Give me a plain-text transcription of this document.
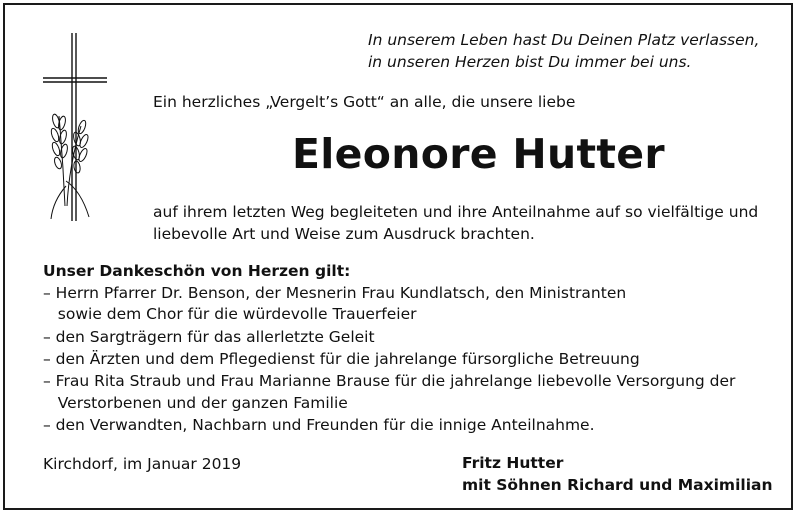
In unserem Leben hast Du Deinen Platz verlassen,
in unseren Herzen bist Du immer bei uns.
Ein herzliches „Vergelt’s Gott“ an alle, die unsere liebe
Eleonore Hutter
auf ihrem letzten Weg begleiteten und ihre Anteilnahme auf so vielfältige und
liebevolle Art und Weise zum Ausdruck brachten.
Unser Dankeschön von Herzen gilt:
– Herrn Pfarrer Dr. Benson, der Mesnerin Frau Kundlatsch, den Ministranten
sowie dem Chor für die würdevolle Trauerfeier
– den Sargträgern für das allerletzte Geleit
– den Ärzten und dem Pflegedienst für die jahrelange fürsorgliche Betreuung
– Frau Rita Straub und Frau Marianne Brause für die jahrelange liebevolle Versorgung der
Verstorbenen und der ganzen Familie
– den Verwandten, Nachbarn und Freunden für die innige Anteilnahme.
Kirchdorf, im Januar 2019	Fritz Hutter
mit Söhnen Richard und Maximilian
